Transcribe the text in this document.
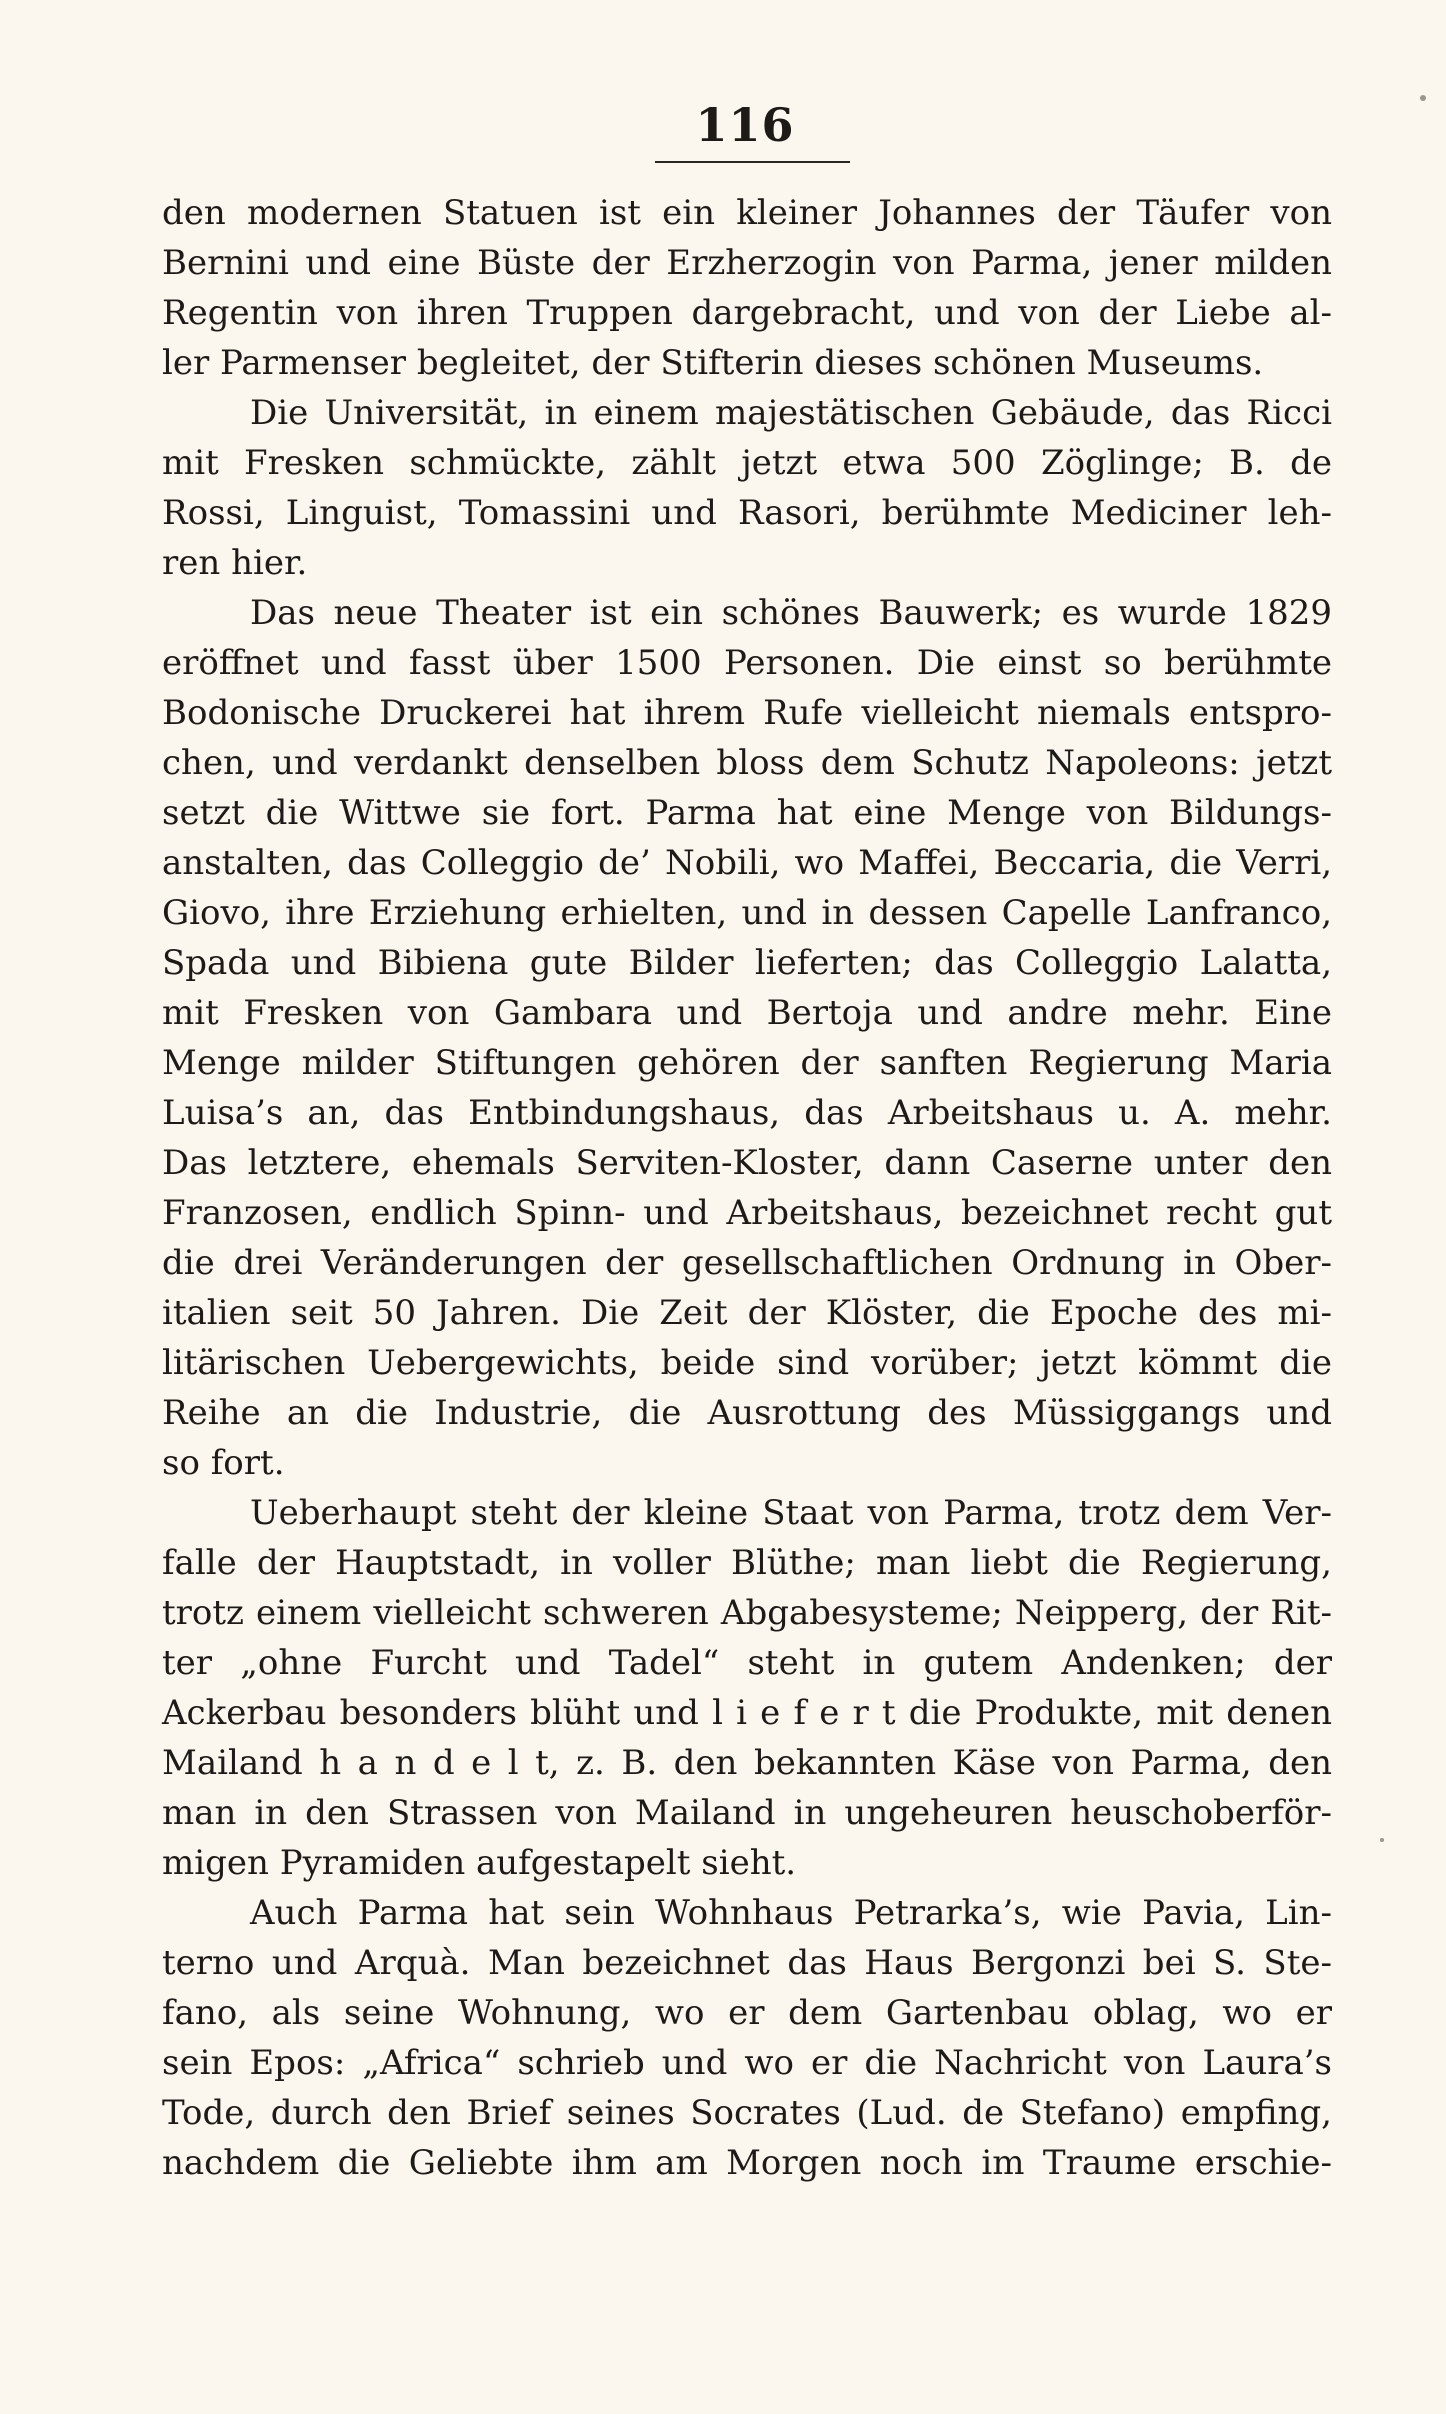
116
den modernen Statuen ist ein kleiner Johannes der Täufer von
Bernini und eine Büste der Erzherzogin von Parma, jener milden
Regentin von ihren Truppen dargebracht, und von der Liebe al-
ler Parmenser begleitet, der Stifterin dieses schönen Museums.
Die Universität, in einem majestätischen Gebäude, das Ricci
mit Fresken schmückte, zählt jetzt etwa 500 Zöglinge; B. de
Rossi, Linguist, Tomassini und Rasori, berühmte Mediciner leh-
ren hier.
Das neue Theater ist ein schönes Bauwerk; es wurde 1829
eröffnet und fasst über 1500 Personen. Die einst so berühmte
Bodonische Druckerei hat ihrem Rufe vielleicht niemals entspro-
chen, und verdankt denselben bloss dem Schutz Napoleons: jetzt
setzt die Wittwe sie fort. Parma hat eine Menge von Bildungs-
anstalten, das Colleggio de’ Nobili, wo Maffei, Beccaria, die Verri,
Giovo, ihre Erziehung erhielten, und in dessen Capelle Lanfranco,
Spada und Bibiena gute Bilder lieferten; das Colleggio Lalatta,
mit Fresken von Gambara und Bertoja und andre mehr. Eine
Menge milder Stiftungen gehören der sanften Regierung Maria
Luisa’s an, das Entbindungshaus, das Arbeitshaus u. A. mehr.
Das letztere, ehemals Serviten-Kloster, dann Caserne unter den
Franzosen, endlich Spinn- und Arbeitshaus, bezeichnet recht gut
die drei Veränderungen der gesellschaftlichen Ordnung in Ober-
italien seit 50 Jahren. Die Zeit der Klöster, die Epoche des mi-
litärischen Uebergewichts, beide sind vorüber; jetzt kömmt die
Reihe an die Industrie, die Ausrottung des Müssiggangs und
so fort.
Ueberhaupt steht der kleine Staat von Parma, trotz dem Ver-
falle der Hauptstadt, in voller Blüthe; man liebt die Regierung,
trotz einem vielleicht schweren Abgabesysteme; Neipperg, der Rit-
ter „ohne Furcht und Tadel“ steht in gutem Andenken; der
Ackerbau besonders blüht und l i e f e r t die Produkte, mit denen
Mailand h a n d e l t, z. B. den bekannten Käse von Parma, den
man in den Strassen von Mailand in ungeheuren heuschoberför-
migen Pyramiden aufgestapelt sieht.
Auch Parma hat sein Wohnhaus Petrarka’s, wie Pavia, Lin-
terno und Arquà. Man bezeichnet das Haus Bergonzi bei S. Ste-
fano, als seine Wohnung, wo er dem Gartenbau oblag, wo er
sein Epos: „Africa“ schrieb und wo er die Nachricht von Laura’s
Tode, durch den Brief seines Socrates (Lud. de Stefano) empfing,
nachdem die Geliebte ihm am Morgen noch im Traume erschie-
